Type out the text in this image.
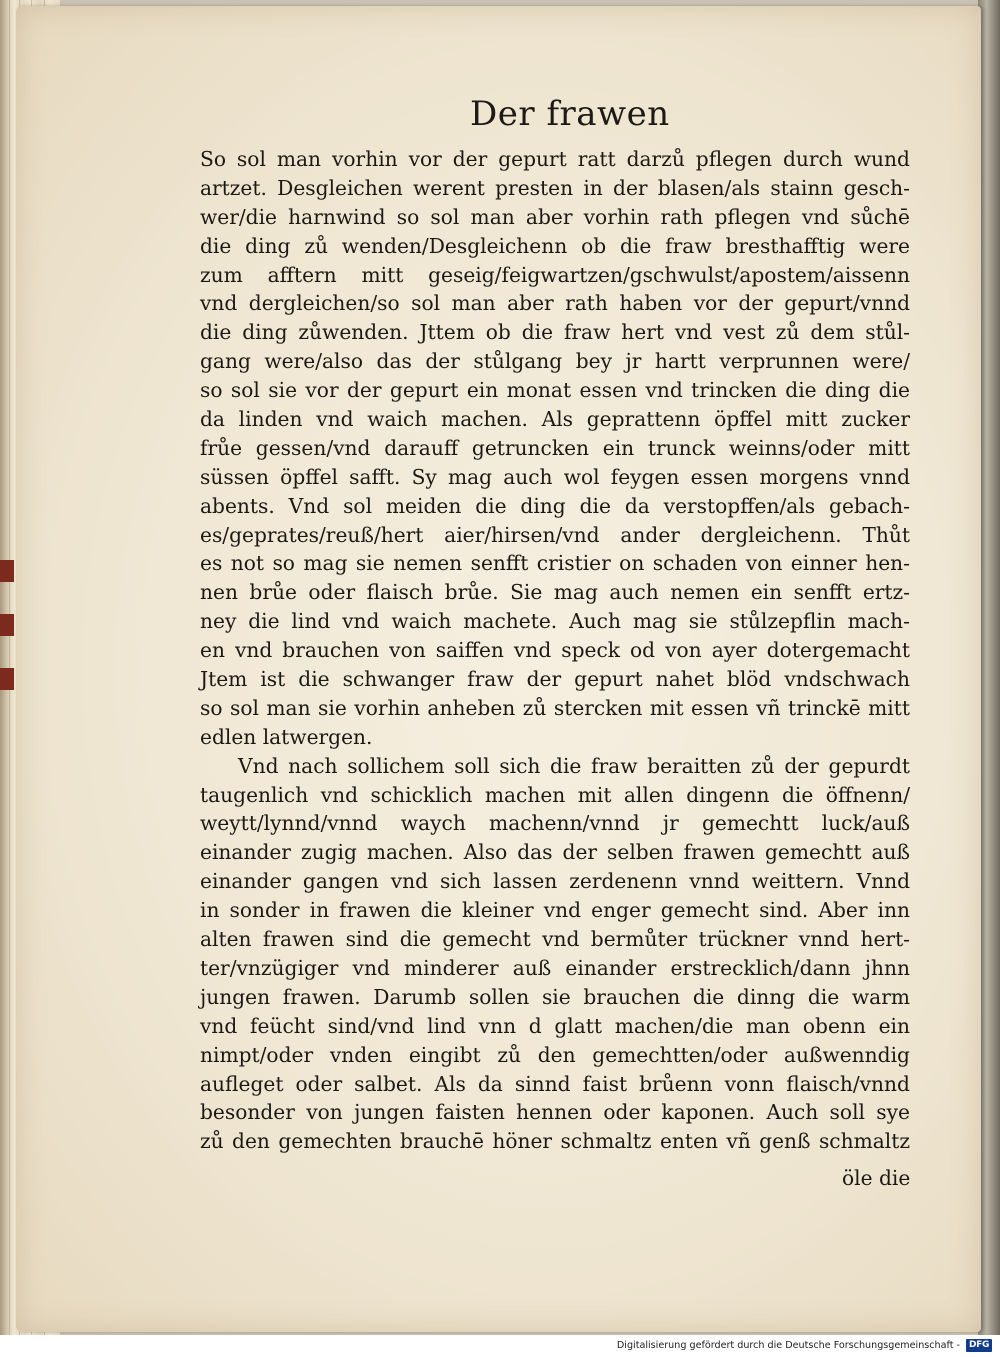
Der frawen
So sol man vorhin vor der gepurt ratt darzů pflegen durch wund
artzet. Desgleichen werent presten in der blasen/als stainn gesch-
wer/die harnwind so sol man aber vorhin rath pflegen vnd sůchē
die ding zů wenden/Desgleichenn ob die fraw bresthafftig were
zum afftern mitt geseig/feigwartzen/gschwulst/apostem/aissenn
vnd dergleichen/so sol man aber rath haben vor der gepurt/vnnd
die ding zůwenden. Jttem ob die fraw hert vnd vest zů dem stůl-
gang were/also das der stůlgang bey jr hartt verprunnen were/
so sol sie vor der gepurt ein monat essen vnd trincken die ding die
da linden vnd waich machen. Als geprattenn öpffel mitt zucker
frůe gessen/vnd darauff getruncken ein trunck weinns/oder mitt
süssen öpffel safft. Sy mag auch wol feygen essen morgens vnnd
abents. Vnd sol meiden die ding die da verstopffen/als gebach-
es/geprates/reuß/hert aier/hirsen/vnd ander dergleichenn. Thůt
es not so mag sie nemen senfft cristier on schaden von einner hen-
nen brůe oder flaisch brůe. Sie mag auch nemen ein senfft ertz-
ney die lind vnd waich machete. Auch mag sie stůlzepflin mach-
en vnd brauchen von saiffen vnd speck od von ayer dotergemacht
Jtem ist die schwanger fraw der gepurt nahet blöd vndschwach
so sol man sie vorhin anheben zů stercken mit essen vñ trinckē mitt
edlen latwergen.
Vnd nach sollichem soll sich die fraw beraitten zů der gepurdt
taugenlich vnd schicklich machen mit allen dingenn die öffnenn/
weytt/lynnd/vnnd waych machenn/vnnd jr gemechtt luck/auß
einander zugig machen. Also das der selben frawen gemechtt auß
einander gangen vnd sich lassen zerdenenn vnnd weittern. Vnnd
in sonder in frawen die kleiner vnd enger gemecht sind. Aber inn
alten frawen sind die gemecht vnd bermůter trückner vnnd hert-
ter/vnzügiger vnd minderer auß einander erstrecklich/dann jhnn
jungen frawen. Darumb sollen sie brauchen die dinng die warm
vnd feücht sind/vnd lind vnn d glatt machen/die man obenn ein
nimpt/oder vnden eingibt zů den gemechtten/oder außwenndig
aufleget oder salbet. Als da sinnd faist brůenn vonn flaisch/vnnd
besonder von jungen faisten hennen oder kaponen. Auch soll sye
zů den gemechten brauchē höner schmaltz enten vñ genß schmaltz
öle die
Digitalisierung gefördert durch die Deutsche Forschungsgemeinschaft - DFG
